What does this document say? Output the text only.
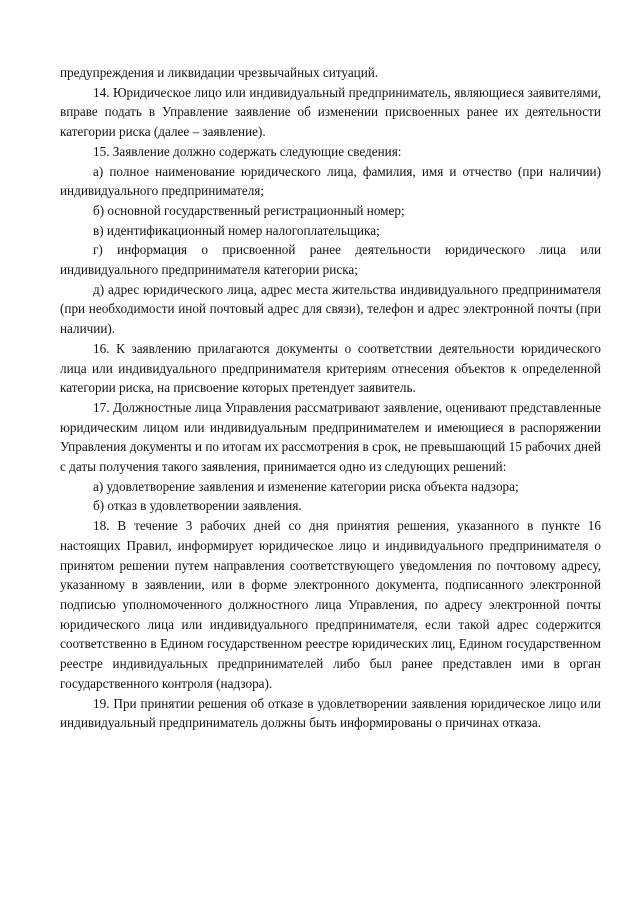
предупреждения и ликвидации чрезвычайных ситуаций.

14. Юридическое лицо или индивидуальный предприниматель, являющиеся заявителями, вправе подать в Управление заявление об изменении присвоенных ранее их деятельности категории риска (далее – заявление).

15. Заявление должно содержать следующие сведения:

а) полное наименование юридического лица, фамилия, имя и отчество (при наличии) индивидуального предпринимателя;

б) основной государственный регистрационный номер;

в) идентификационный номер налогоплательщика;

г) информация о присвоенной ранее деятельности юридического лица или индивидуального предпринимателя категории риска;

д) адрес юридического лица, адрес места жительства индивидуального предпринимателя (при необходимости иной почтовый адрес для связи), телефон и адрес электронной почты (при наличии).

16. К заявлению прилагаются документы о соответствии деятельности юридического лица или индивидуального предпринимателя критериям отнесения объектов к определенной категории риска, на присвоение которых претендует заявитель.

17. Должностные лица Управления рассматривают заявление, оценивают представленные юридическим лицом или индивидуальным предпринимателем и имеющиеся в распоряжении Управления документы и по итогам их рассмотрения в срок, не превышающий 15 рабочих дней с даты получения такого заявления, принимается одно из следующих решений:

а) удовлетворение заявления и изменение категории риска объекта надзора;

б) отказ в удовлетворении заявления.

18. В течение 3 рабочих дней со дня принятия решения, указанного в пункте 16 настоящих Правил, информирует юридическое лицо и индивидуального предпринимателя о принятом решении путем направления соответствующего уведомления по почтовому адресу, указанному в заявлении, или в форме электронного документа, подписанного электронной подписью уполномоченного должностного лица Управления, по адресу электронной почты юридического лица или индивидуального предпринимателя, если такой адрес содержится соответственно в Едином государственном реестре юридических лиц, Едином государственном реестре индивидуальных предпринимателей либо был ранее представлен ими в орган государственного контроля (надзора).

19. При принятии решения об отказе в удовлетворении заявления юридическое лицо или индивидуальный предприниматель должны быть информированы о причинах отказа.
